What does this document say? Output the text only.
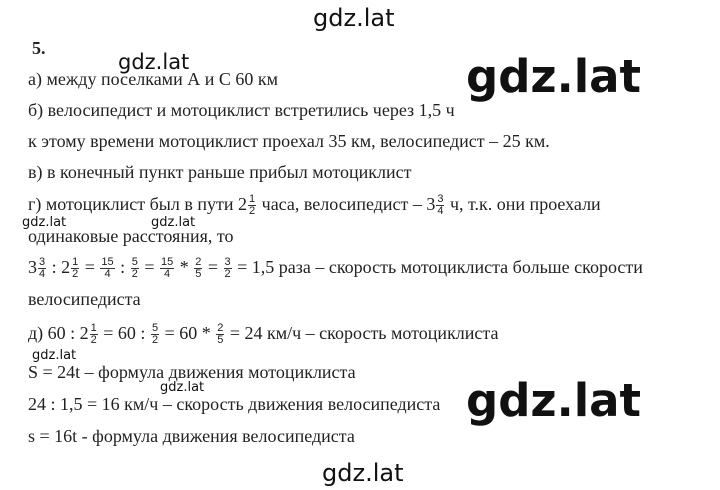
gdz.lat
gdz.lat
gdz.lat
gdz.lat	gdz.lat
gdz.lat
gdz.lat	gdz.lat
gdz.lat
5.
а) между поселками А и С 60 км
б) велосипедист и мотоциклист встретились через 1,5 ч
к этому времени мотоциклист проехал 35 км, велосипедист – 25 км.
в) в конечный пункт раньше прибыл мотоциклист
г) мотоциклист был в пути $2 \frac{1}{2}$ часа, велосипедист – $3 \frac{3}{4} ч$, т.к. они проехали
одинаковые расстояния, то
$3 \frac{3}{4}$ : $2 \frac{1}{2} = \frac{15}{4}$ : $\frac{5}{2} = \frac{15}{4} * \frac{2}{5} = \frac{3}{2} = 1,5$ раза – скорость мотоциклиста больше скорости
велосипедиста
д) 60 : $2 \frac{1}{2} = 60$ : $\frac{5}{2} = 60 * \frac{2}{5} = 24$ км/ч – скорость мотоциклиста
S = 24t – формула движения мотоциклиста
24 : 1,5 = 16 км/ч – скорость движения велосипедиста
s = 16t - формула движения велосипедиста
